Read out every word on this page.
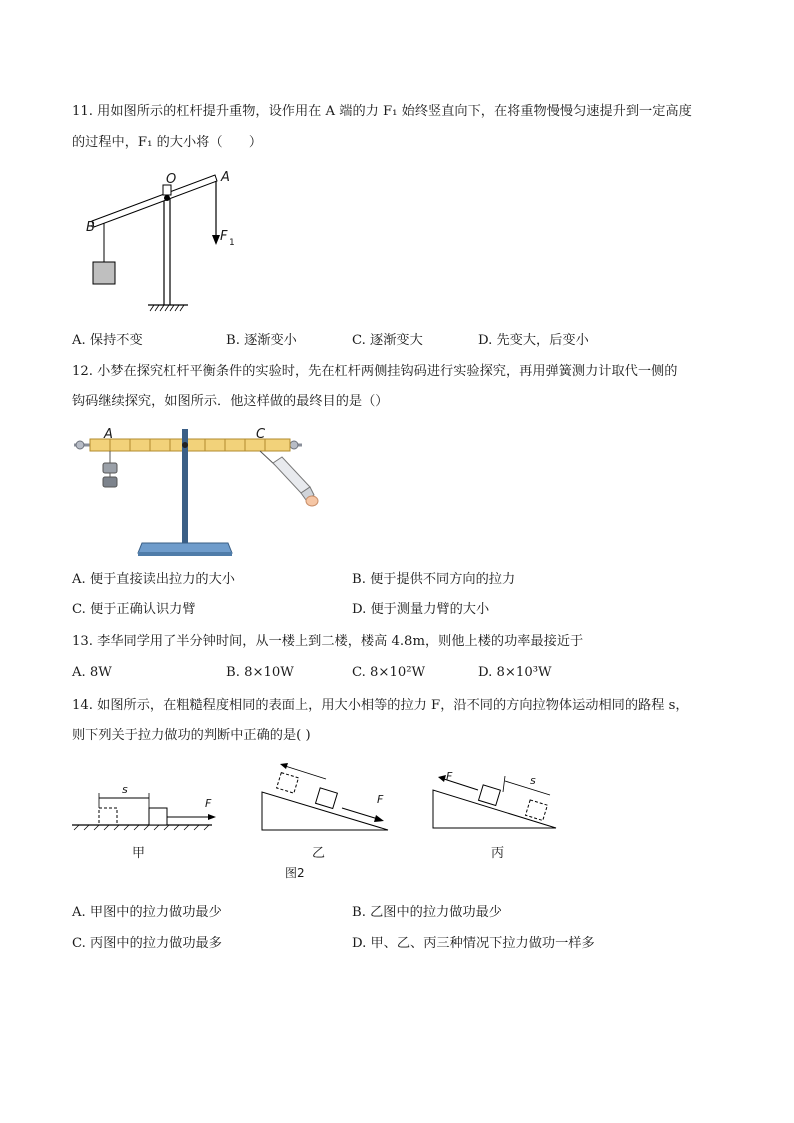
11. 用如图所示的杠杆提升重物，设作用在 A 端的力 F₁ 始终竖直向下，在将重物慢慢匀速提升到一定高度
的过程中，F₁ 的大小将（　　）
O	A
B
F 1
A. 保持不变	B. 逐渐变小	C. 逐渐变大	D. 先变大，后变小
12. 小梦在探究杠杆平衡条件的实验时，先在杠杆两侧挂钩码进行实验探究，再用弹簧测力计取代一侧的
钩码继续探究，如图所示．他这样做的最终目的是（）
A	C
A. 便于直接读出拉力的大小	B. 便于提供不同方向的拉力
C. 便于正确认识力臂	D. 便于测量力臂的大小
13. 李华同学用了半分钟时间，从一楼上到二楼，楼高 4.8m，则他上楼的功率最接近于
A. 8W	B. 8×10W	C. 8×10²W	D. 8×10³W
14. 如图所示，在粗糙程度相同的表面上，用大小相等的拉力 F，沿不同的方向拉物体运动相同的路程 s，
则下列关于拉力做功的判断中正确的是( )
s
F
甲
F
乙
F	s
丙
图2
A. 甲图中的拉力做功最少	B. 乙图中的拉力做功最少
C. 丙图中的拉力做功最多	D. 甲、乙、丙三种情况下拉力做功一样多
